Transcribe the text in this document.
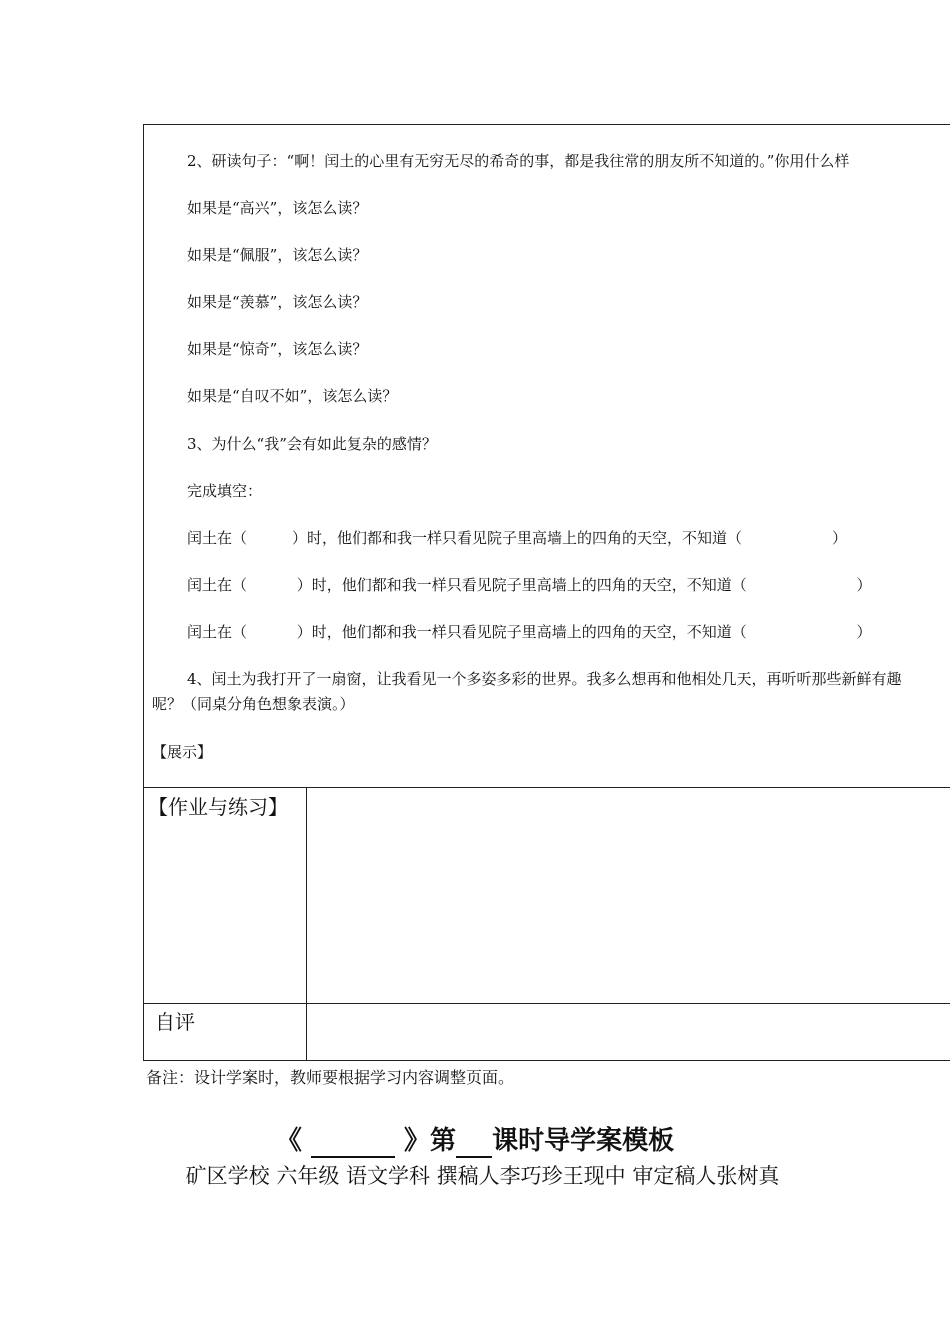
2、研读句子：“啊！闰土的心里有无穷无尽的希奇的事，都是我往常的朋友所不知道的。”你用什么样
如果是“高兴”，该怎么读？
如果是“佩服”，该怎么读？
如果是“羡慕”，该怎么读？
如果是“惊奇”，该怎么读？
如果是“自叹不如”，该怎么读？
3、为什么“我”会有如此复杂的感情？
完成填空：
闰土在（　　　）时，他们都和我一样只看见院子里高墙上的四角的天空，不知道（　　　　　　）
闰土在（　　　 ）时，他们都和我一样只看见院子里高墙上的四角的天空，不知道（　　　　　　　 ）
闰土在（　　　 ）时，他们都和我一样只看见院子里高墙上的四角的天空，不知道（　　　　　　　 ）
4、闰土为我打开了一扇窗，让我看见一个多姿多彩的世界。我多么想再和他相处几天，再听听那些新鲜有趣
呢？（同桌分角色想象表演。）
【展示】
【作业与练习】
自评
备注：设计学案时，教师要根据学习内容调整页面。
《	》第 课时导学案模板
矿区学校 六年级 语文学科 撰稿人李巧珍王现中 审定稿人张树真
